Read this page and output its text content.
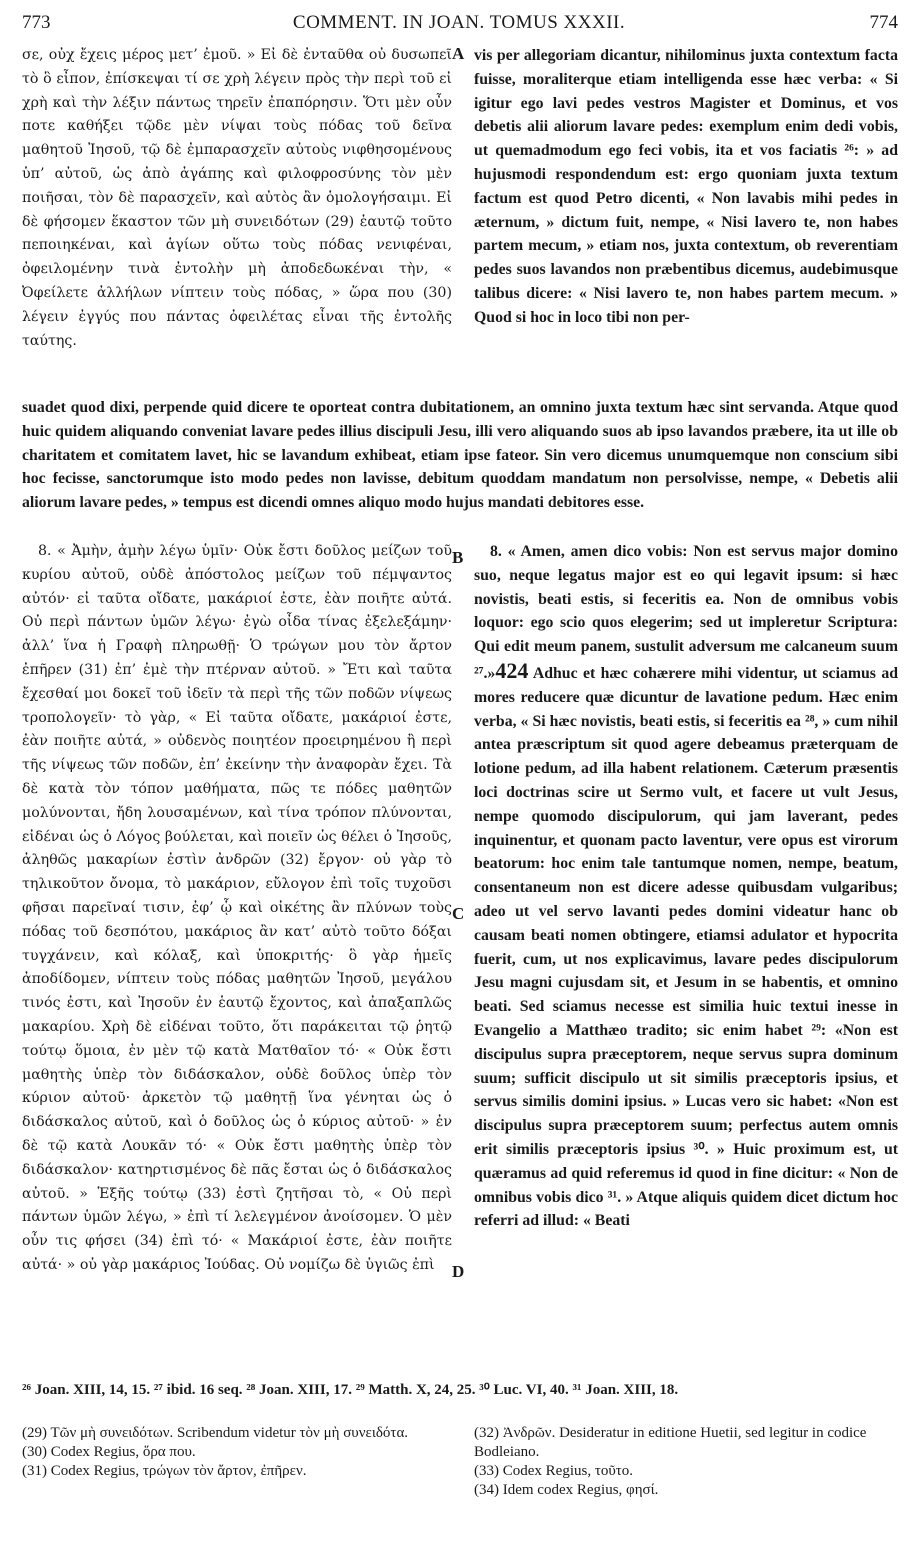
773	COMMENT. IN JOAN. TOMUS XXXII.	774

σε, οὐχ ἔχεις μέρος μετ’ ἐμοῦ. » Εἰ δὲ ἐνταῦθα οὐ δυσωπεῖ τὸ ὃ εἶπον, ἐπίσκεψαι τί σε χρὴ λέγειν πρὸς τὴν περὶ τοῦ εἰ χρὴ καὶ τὴν λέξιν πάντως τηρεῖν ἐπαπόρησιν. Ὅτι μὲν οὖν ποτε καθήξει τῷδε μὲν νίψαι τοὺς πόδας τοῦ δεῖνα μαθητοῦ Ἰησοῦ, τῷ δὲ ἐμπαρασχεῖν αὐτοὺς νιφθησομένους ὑπ’ αὐτοῦ, ὡς ἀπὸ ἀγάπης καὶ φιλοφροσύνης τὸν μὲν ποιῆσαι, τὸν δὲ παρασχεῖν, καὶ αὐτὸς ἂν ὁμολογήσαιμι. Εἰ δὲ φήσομεν ἕκαστον τῶν μὴ συνειδότων (29) ἑαυτῷ τοῦτο πεποιηκέναι, καὶ ἁγίων οὕτω τοὺς πόδας νενιφέναι, ὀφειλομένην τινὰ ἐντολὴν μὴ ἀποδεδωκέναι τὴν, « Ὀφείλετε ἀλλήλων νίπτειν τοὺς πόδας, » ὥρα που (30) λέγειν ἐγγύς που πάντας ὀφειλέτας εἶναι τῆς ἐντολῆς ταύτης.

A vis per allegoriam dicantur, nihilominus juxta contextum facta fuisse, moraliterque etiam intelligenda esse hæc verba: « Si igitur ego lavi pedes vestros Magister et Dominus, et vos debetis alii aliorum lavare pedes: exemplum enim dedi vobis, ut quemadmodum ego feci vobis, ita et vos faciatis ²⁶: » ad hujusmodi respondendum est: ergo quoniam juxta textum factum est quod Petro dicenti, « Non lavabis mihi pedes in æternum, » dictum fuit, nempe, « Nisi lavero te, non habes partem mecum, » etiam nos, juxta contextum, ob reverentiam pedes suos lavandos non præbentibus dicemus, audebimusque talibus dicere: « Nisi lavero te, non habes partem mecum. » Quod si hoc in loco tibi non per-

suadet quod dixi, perpende quid dicere te oporteat contra dubitationem, an omnino juxta textum hæc sint servanda. Atque quod huic quidem aliquando conveniat lavare pedes illius discipuli Jesu, illi vero aliquando suos ab ipso lavandos præbere, ita ut ille ob charitatem et comitatem lavet, hic se lavandum exhibeat, etiam ipse fateor. Sin vero dicemus unumquemque non conscium sibi hoc fecisse, sanctorumque isto modo pedes non lavisse, debitum quoddam mandatum non persolvisse, nempe, « Debetis alii aliorum lavare pedes, » tempus est dicendi omnes aliquo modo hujus mandati debitores esse.

8. « Ἀμὴν, ἀμὴν λέγω ὑμῖν· Οὐκ ἔστι δοῦλος μείζων τοῦ κυρίου αὐτοῦ, οὐδὲ ἀπόστολος μείζων τοῦ πέμψαντος αὐτόν· εἰ ταῦτα οἴδατε, μακάριοί ἐστε, ἐὰν ποιῆτε αὐτά. Οὐ περὶ πάντων ὑμῶν λέγω· ἐγὼ οἶδα τίνας ἐξελεξάμην· ἀλλ’ ἵνα ἡ Γραφὴ πληρωθῇ· Ὁ τρώγων μου τὸν ἄρτον ἐπῆρεν (31) ἐπ’ ἐμὲ τὴν πτέρναν αὐτοῦ. » Ἔτι καὶ ταῦτα ἔχεσθαί μοι δοκεῖ τοῦ ἰδεῖν τὰ περὶ τῆς τῶν ποδῶν νίψεως τροπολογεῖν· τὸ γὰρ, « Εἰ ταῦτα οἴδατε, μακάριοί ἐστε, ἐὰν ποιῆτε αὐτά, » οὐδενὸς ποιητέον προειρημένου ἢ περὶ τῆς νίψεως τῶν ποδῶν, ἐπ’ ἐκείνην τὴν ἀναφορὰν ἔχει. Τὰ δὲ κατὰ τὸν τόπον μαθήματα, πῶς τε πόδες μαθητῶν μολύνονται, ἤδη λουσαμένων, καὶ τίνα τρόπον πλύνονται, εἰδέναι ὡς ὁ Λόγος βούλεται, καὶ ποιεῖν ὡς θέλει ὁ Ἰησοῦς, ἀληθῶς μακαρίων ἐστὶν ἀνδρῶν (32) ἔργον· οὐ γὰρ τὸ τηλικοῦτον ὄνομα, τὸ μακάριον, εὔλογον ἐπὶ τοῖς τυχοῦσι φῆσαι παρεῖναί τισιν, ἐφ’ ᾧ καὶ οἰκέτης ἂν πλύνων τοὺς πόδας τοῦ δεσπότου, μακάριος ἂν κατ’ αὐτὸ τοῦτο δόξαι τυγχάνειν, καὶ κόλαξ, καὶ ὑποκριτής· ὃ γὰρ ἡμεῖς ἀποδίδομεν, νίπτειν τοὺς πόδας μαθητῶν Ἰησοῦ, μεγάλου τινός ἐστι, καὶ Ἰησοῦν ἐν ἑαυτῷ ἔχοντος, καὶ ἀπαξαπλῶς μακαρίου. Χρὴ δὲ εἰδέναι τοῦτο, ὅτι παράκειται τῷ ῥητῷ τούτῳ ὅμοια, ἐν μὲν τῷ κατὰ Ματθαῖον τό· « Οὐκ ἔστι μαθητὴς ὑπὲρ τὸν διδάσκαλον, οὐδὲ δοῦλος ὑπὲρ τὸν κύριον αὐτοῦ· ἀρκετὸν τῷ μαθητῇ ἵνα γένηται ὡς ὁ διδάσκαλος αὐτοῦ, καὶ ὁ δοῦλος ὡς ὁ κύριος αὐτοῦ· » ἐν δὲ τῷ κατὰ Λουκᾶν τό· « Οὐκ ἔστι μαθητὴς ὑπὲρ τὸν διδάσκαλον· κατηρτισμένος δὲ πᾶς ἔσται ὡς ὁ διδάσκαλος αὐτοῦ. » Ἑξῆς τούτῳ (33) ἐστὶ ζητῆσαι τὸ, « Οὐ περὶ πάντων ὑμῶν λέγω, » ἐπὶ τί λελεγμένον ἀνοίσομεν. Ὁ μὲν οὖν τις φήσει (34) ἐπὶ τό· « Μακάριοί ἐστε, ἐὰν ποιῆτε αὐτά· » οὐ γὰρ μακάριος Ἰούδας. Οὐ νομίζω δὲ ὑγιῶς ἐπὶ

B
C
D

8. « Amen, amen dico vobis: Non est servus major domino suo, neque legatus major est eo qui legavit ipsum: si hæc novistis, beati estis, si feceritis ea. Non de omnibus vobis loquor: ego scio quos elegerim; sed ut impleretur Scriptura: Qui edit meum panem, sustulit adversum me calcaneum suum ²⁷.»424 Adhuc et hæc cohærere mihi videntur, ut sciamus ad mores reducere quæ dicuntur de lavatione pedum. Hæc enim verba, « Si hæc novistis, beati estis, si feceritis ea ²⁸, » cum nihil antea præscriptum sit quod agere debeamus præterquam de lotione pedum, ad illa habent relationem. Cæterum præsentis loci doctrinas scire ut Sermo vult, et facere ut vult Jesus, nempe quomodo discipulorum, qui jam laverant, pedes inquinentur, et quonam pacto laventur, vere opus est virorum beatorum: hoc enim tale tantumque nomen, nempe, beatum, consentaneum non est dicere adesse quibusdam vulgaribus; adeo ut vel servo lavanti pedes domini videatur hanc ob causam beati nomen obtingere, etiamsi adulator et hypocrita fuerit, cum, ut nos explicavimus, lavare pedes discipulorum Jesu magni cujusdam sit, et Jesum in se habentis, et omnino beati. Sed sciamus necesse est similia huic textui inesse in Evangelio a Matthæo tradito; sic enim habet ²⁹: «Non est discipulus supra præceptorem, neque servus supra dominum suum; sufficit discipulo ut sit similis præceptoris ipsius, et servus similis domini ipsius. » Lucas vero sic habet: «Non est discipulus supra præceptorem suum; perfectus autem omnis erit similis præceptoris ipsius ³⁰. » Huic proximum est, ut quæramus ad quid referemus id quod in fine dicitur: « Non de omnibus vobis dico ³¹. » Atque aliquis quidem dicet dictum hoc referri ad illud: « Beati

²⁶ Joan. XIII, 14, 15. ²⁷ ibid. 16 seq. ²⁸ Joan. XIII, 17. ²⁹ Matth. X, 24, 25. ³⁰ Luc. VI, 40. ³¹ Joan. XIII, 18.

(29) Τῶν μὴ συνειδότων. Scribendum videtur τὸν μὴ συνειδότα.

(30) Codex Regius, ὅρα που.

(31) Codex Regius, τρώγων τὸν ἄρτον, ἐπῆρεν.

(32) Ἀνδρῶν. Desideratur in editione Huetii, sed legitur in codice Bodleiano.

(33) Codex Regius, τοῦτο.

(34) Idem codex Regius, φησί.
